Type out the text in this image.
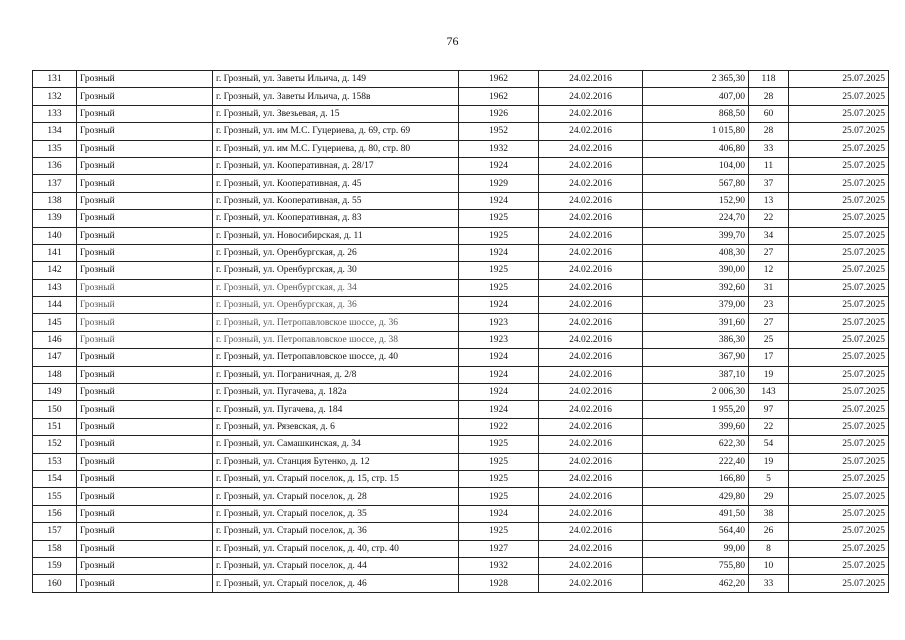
76
131	Грозный	г. Грозный, ул. Заветы Ильича, д. 149	1962	24.02.2016	2 365,30	118	25.07.2025
132	Грозный	г. Грозный, ул. Заветы Ильича, д. 158в	1962	24.02.2016	407,00	28	25.07.2025
133	Грозный	г. Грозный, ул. Звезьевая, д. 15	1926	24.02.2016	868,50	60	25.07.2025
134	Грозный	г. Грозный, ул. им М.С. Гуцериева, д. 69, стр. 69	1952	24.02.2016	1 015,80	28	25.07.2025
135	Грозный	г. Грозный, ул. им М.С. Гуцериева, д. 80, стр. 80	1932	24.02.2016	406,80	33	25.07.2025
136	Грозный	г. Грозный, ул. Кооперативная, д. 28/17	1924	24.02.2016	104,00	11	25.07.2025
137	Грозный	г. Грозный, ул. Кооперативная, д. 45	1929	24.02.2016	567,80	37	25.07.2025
138	Грозный	г. Грозный, ул. Кооперативная, д. 55	1924	24.02.2016	152,90	13	25.07.2025
139	Грозный	г. Грозный, ул. Кооперативная, д. 83	1925	24.02.2016	224,70	22	25.07.2025
140	Грозный	г. Грозный, ул. Новосибирская, д. 11	1925	24.02.2016	399,70	34	25.07.2025
141	Грозный	г. Грозный, ул. Оренбургская, д. 26	1924	24.02.2016	408,30	27	25.07.2025
142	Грозный	г. Грозный, ул. Оренбургская, д. 30	1925	24.02.2016	390,00	12	25.07.2025
143	Грозный	г. Грозный, ул. Оренбургская, д. 34	1925	24.02.2016	392,60	31	25.07.2025
144	Грозный	г. Грозный, ул. Оренбургская, д. 36	1924	24.02.2016	379,00	23	25.07.2025
145	Грозный	г. Грозный, ул. Петропавловское шоссе, д. 36	1923	24.02.2016	391,60	27	25.07.2025
146	Грозный	г. Грозный, ул. Петропавловское шоссе, д. 38	1923	24.02.2016	386,30	25	25.07.2025
147	Грозный	г. Грозный, ул. Петропавловское шоссе, д. 40	1924	24.02.2016	367,90	17	25.07.2025
148	Грозный	г. Грозный, ул. Пограничная, д. 2/8	1924	24.02.2016	387,10	19	25.07.2025
149	Грозный	г. Грозный, ул. Пугачева, д. 182а	1924	24.02.2016	2 006,30	143	25.07.2025
150	Грозный	г. Грозный, ул. Пугачева, д. 184	1924	24.02.2016	1 955,20	97	25.07.2025
151	Грозный	г. Грозный, ул. Рязевская, д. 6	1922	24.02.2016	399,60	22	25.07.2025
152	Грозный	г. Грозный, ул. Самашкинская, д. 34	1925	24.02.2016	622,30	54	25.07.2025
153	Грозный	г. Грозный, ул. Станция Бутенко, д. 12	1925	24.02.2016	222,40	19	25.07.2025
154	Грозный	г. Грозный, ул. Старый поселок, д. 15, стр. 15	1925	24.02.2016	166,80	5	25.07.2025
155	Грозный	г. Грозный, ул. Старый поселок, д. 28	1925	24.02.2016	429,80	29	25.07.2025
156	Грозный	г. Грозный, ул. Старый поселок, д. 35	1924	24.02.2016	491,50	38	25.07.2025
157	Грозный	г. Грозный, ул. Старый поселок, д. 36	1925	24.02.2016	564,40	26	25.07.2025
158	Грозный	г. Грозный, ул. Старый поселок, д. 40, стр. 40	1927	24.02.2016	99,00	8	25.07.2025
159	Грозный	г. Грозный, ул. Старый поселок, д. 44	1932	24.02.2016	755,80	10	25.07.2025
160	Грозный	г. Грозный, ул. Старый поселок, д. 46	1928	24.02.2016	462,20	33	25.07.2025
